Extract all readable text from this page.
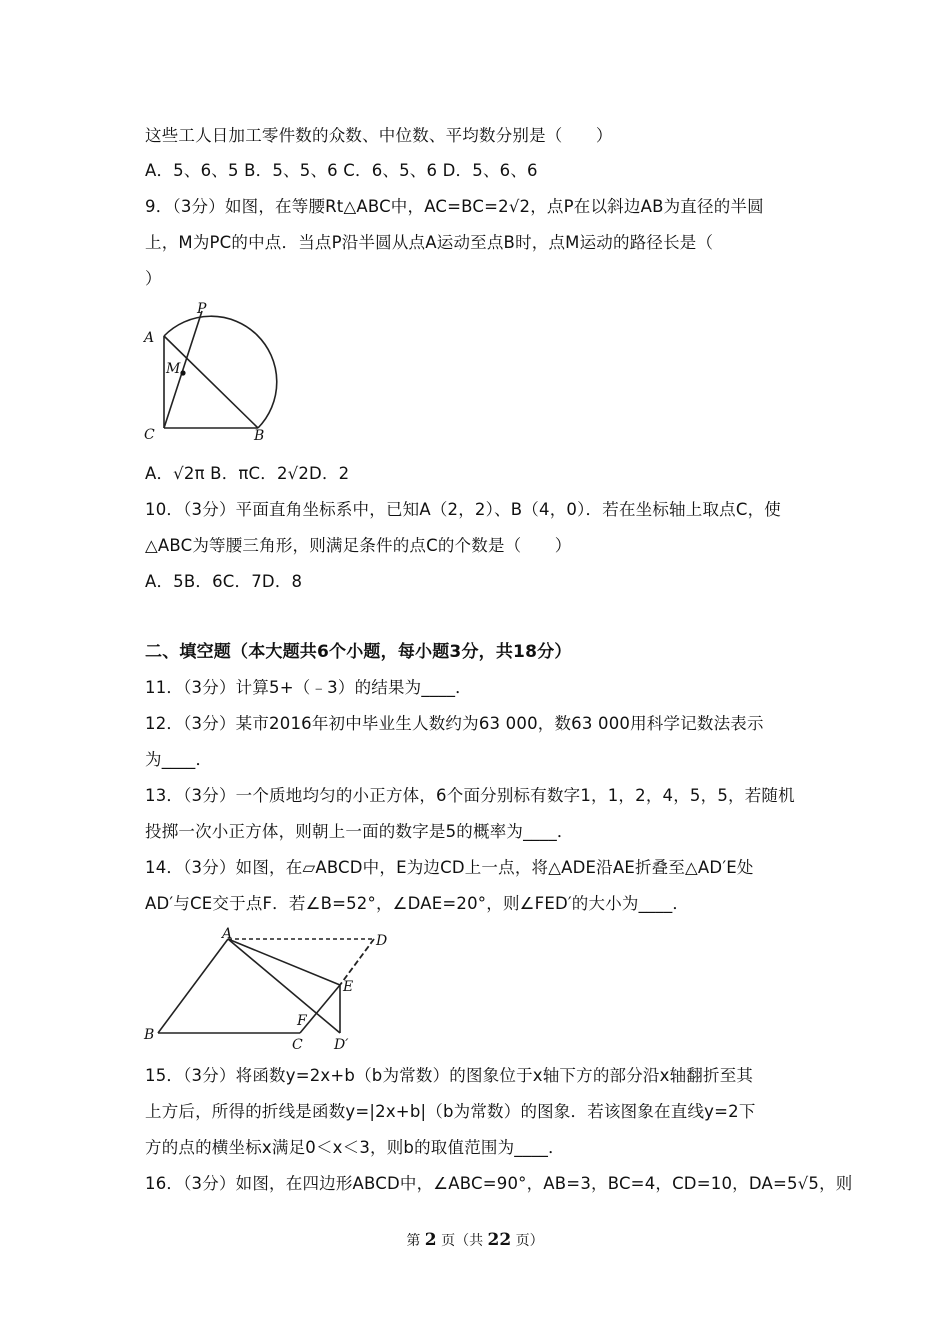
这些工人日加工零件数的众数、中位数、平均数分别是（　　）
A．5、6、5 B．5、5、6 C．6、5、6 D．5、6、6
9．（3分）如图，在等腰Rt△ABC中，AC=BC=2√2，点P在以斜边AB为直径的半圆
上，M为PC的中点．当点P沿半圆从点A运动至点B时，点M运动的路径长是（
）
A
P
M
C	B
A．√2π B．πC．2√2D．2
10．（3分）平面直角坐标系中，已知A（2，2）、B（4，0）．若在坐标轴上取点C，使
△ABC为等腰三角形，则满足条件的点C的个数是（　　）
A．5B．6C．7D．8
二、填空题（本大题共6个小题，每小题3分，共18分）
11．（3分）计算5+（﹣3）的结果为____．
12．（3分）某市2016年初中毕业生人数约为63 000，数63 000用科学记数法表示
为____．
13．（3分）一个质地均匀的小正方体，6个面分别标有数字1，1，2，4，5，5，若随机
投掷一次小正方体，则朝上一面的数字是5的概率为____．
14．（3分）如图，在▱ABCD中，E为边CD上一点，将△ADE沿AE折叠至△AD′E处
AD′与CE交于点F．若∠B=52°，∠DAE=20°，则∠FED′的大小为____．
A	D
E
F
B
C D′
15．（3分）将函数y=2x+b（b为常数）的图象位于x轴下方的部分沿x轴翻折至其
上方后，所得的折线是函数y=|2x+b|（b为常数）的图象．若该图象在直线y=2下
方的点的横坐标x满足0＜x＜3，则b的取值范围为____．
16．（3分）如图，在四边形ABCD中，∠ABC=90°，AB=3，BC=4，CD=10，DA=5√5，则
第 2 页（共 22 页）
